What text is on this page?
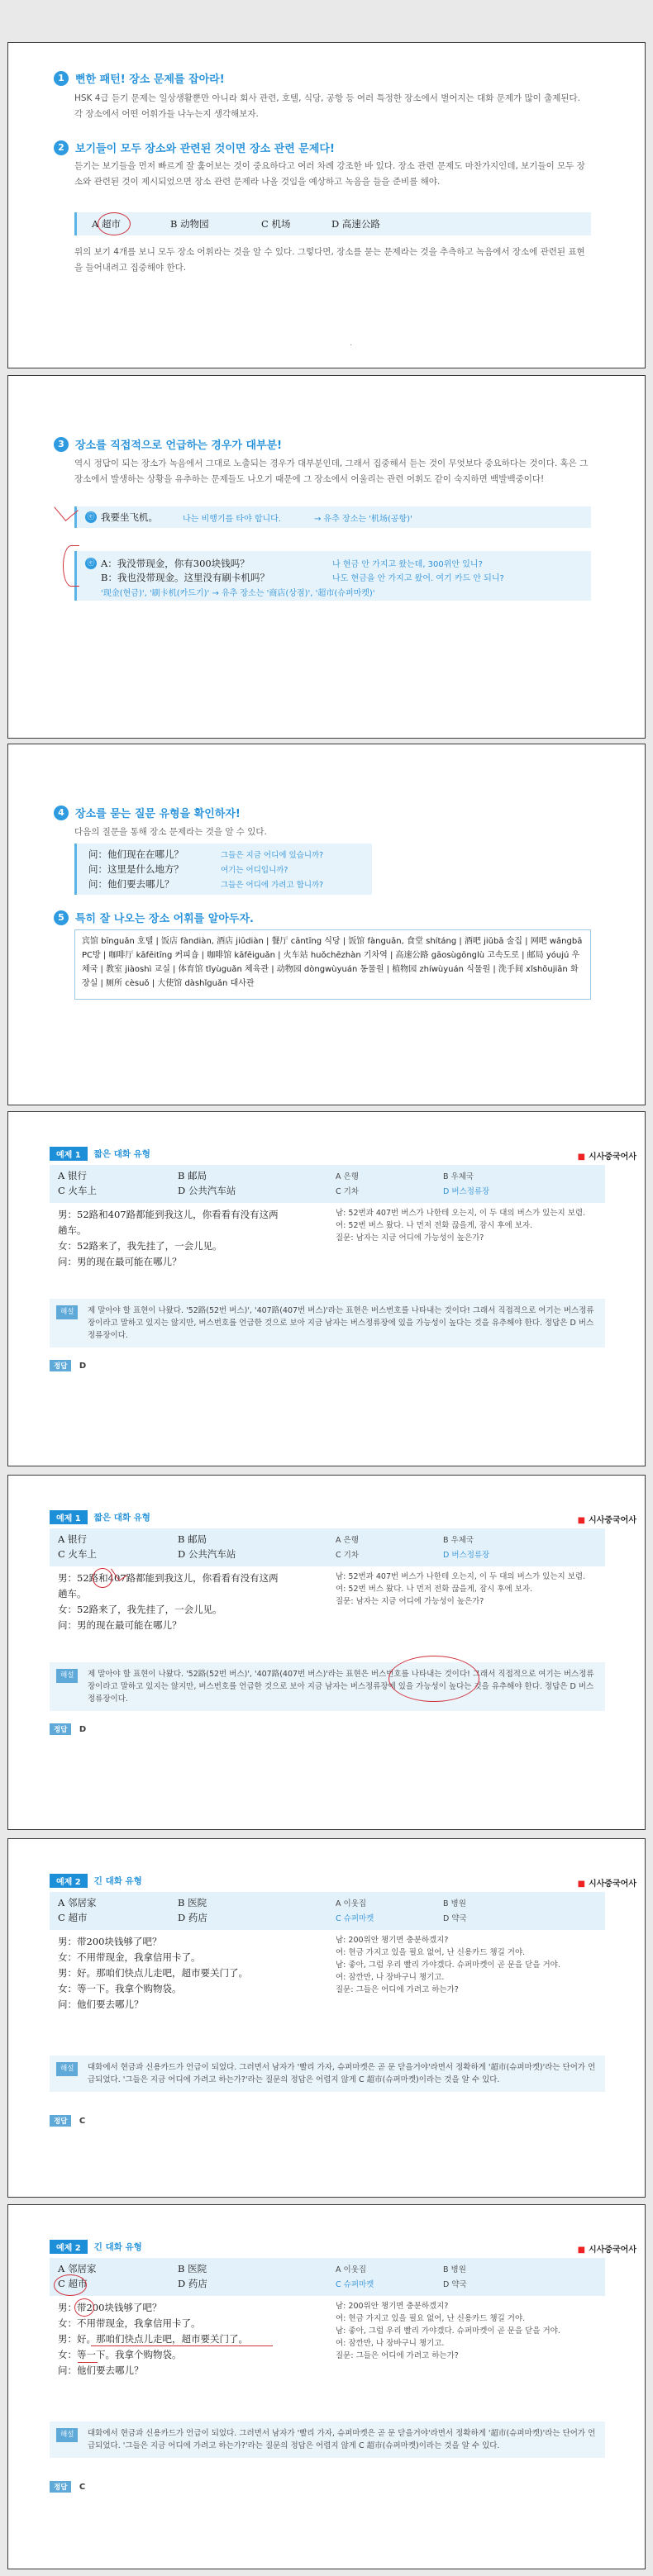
1	뻔한 패턴! 장소 문제를 잡아라!
HSK 4급 듣기 문제는 일상생활뿐만 아니라 회사 관련, 호텔, 식당, 공항 등 여러 특정한 장소에서 벌어지는 대화 문제가 많이 출제된다. 각 장소에서 어떤 어휘가들 나누는지 생각해보자.
2	보기들이 모두 장소와 관련된 것이면 장소 관련 문제다!
듣기는 보기들을 먼저 빠르게 잘 훑어보는 것이 중요하다고 여러 차례 강조한 바 있다. 장소 관련 문제도 마찬가지인데, 보기들이 모두 장소와 관련된 것이 제시되었으면 장소 관련 문제라 나올 것임을 예상하고 녹음을 들을 준비를 해야.
A 超市	B 动物园	C 机场	D 高速公路
위의 보기 4개를 보니 모두 장소 어휘라는 것을 알 수 있다. 그렇다면, 장소를 묻는 문제라는 것을 추측하고 녹음에서 장소에 관련된 표현을 들어내려고 집중해야 한다.
.
3	장소를 직접적으로 언급하는 경우가 대부분!
역시 정답이 되는 장소가 녹음에서 그대로 노출되는 경우가 대부분인데, 그래서 집중해서 듣는 것이 무엇보다 중요하다는 것이다. 혹은 그 장소에서 발생하는 상황을 유추하는 문제들도 나오기 때문에 그 장소에서 어울리는 관련 어휘도 같이 숙지하면 백발백중이다!
ⓔ 我要坐飞机。	나는 비행기를 타야 합니다.	→ 유추 장소는 '机场(공항)'
ⓔ A：我没带现金，你有300块钱吗？	나 현금 안 가지고 왔는데, 300위안 있니?
B：我也没带现金。这里没有刷卡机吗？	나도 현금을 안 가지고 왔어. 여기 카드 안 되니?
'现金(현금)', '刷卡机(카드기)' → 유추 장소는 '商店(상점)', '超市(슈퍼마켓)'
4	장소를 묻는 질문 유형을 확인하자!
다음의 질문을 통해 장소 문제라는 것을 알 수 있다.
问：他们现在在哪儿？	그들은 지금 어디에 있습니까?
问：这里是什么地方？	여기는 어디입니까?
问：他们要去哪儿？	그들은 어디에 가려고 합니까?
5	특히 잘 나오는 장소 어휘를 알아두자.
宾馆 bīnguǎn 호텔 | 饭店 fàndiàn, 酒店 jiǔdiàn | 餐厅 cāntīng 식당 | 饭馆 fànguǎn, 食堂 shítáng | 酒吧 jiǔbā 술집 | 网吧 wǎngbā PC방 | 咖啡厅 kāfēitīng 커피숍 | 咖啡馆 kāfēiguǎn | 火车站 huǒchēzhàn 기차역 | 高速公路 gāosùgōnglù 고속도로 | 邮局 yóujú 우체국 | 教室 jiàoshì 교실 | 体育馆 tǐyùguǎn 체육관 | 动物园 dòngwùyuán 동물원 | 植物园 zhíwùyuán 식물원 | 洗手间 xǐshǒujiān 화장실 | 厕所 cèsuǒ | 大使馆 dàshǐguǎn 대사관
예제 1	짧은 대화 유형	■ 시사중국어사
A 银行	B 邮局
C 火车上	D 公共汽车站
A 은행	B 우체국
C 기차	D 버스정류장
男：52路和407路都能到我这儿，你看看有没有这两趟车。
女：52路来了，我先挂了，一会儿见。
问：男的现在最可能在哪儿？
남: 52번과 407번 버스가 나한테 오는지, 이 두 대의 버스가 있는지 보렴.
여: 52번 버스 왔다. 나 먼저 전화 끊을게, 잠시 후에 보자.
질문: 남자는 지금 어디에 가능성이 높은가?
해설	제 말아야 할 표현이 나왔다. '52路(52번 버스)', '407路(407번 버스)'라는 표현은 버스번호를 나타내는 것이다! 그래서 직접적으로 여기는 버스정류장이라고 말하고 있지는 않지만, 버스번호를 언급한 것으로 보아 지금 남자는 버스정류장에 있을 가능성이 높다는 것을 유추해야 한다. 정답은 D 버스정류장이다.
정답 D
예제 1	짧은 대화 유형	■ 시사중국어사
A 银行	B 邮局
C 火车上	D 公共汽车站
A 은행	B 우체국
C 기차	D 버스정류장
男：52路和407路都能到我这儿，你看看有没有这两趟车。
女：52路来了，我先挂了，一会儿见。
问：男的现在最可能在哪儿？
남: 52번과 407번 버스가 나한테 오는지, 이 두 대의 버스가 있는지 보렴.
여: 52번 버스 왔다. 나 먼저 전화 끊을게, 잠시 후에 보자.
질문: 남자는 지금 어디에 가능성이 높은가?
해설	제 말아야 할 표현이 나왔다. '52路(52번 버스)', '407路(407번 버스)'라는 표현은 버스번호를 나타내는 것이다! 그래서 직접적으로 여기는 버스정류장이라고 말하고 있지는 않지만, 버스번호를 언급한 것으로 보아 지금 남자는 버스정류장에 있을 가능성이 높다는 것을 유추해야 한다. 정답은 D 버스정류장이다.
정답 D
예제 2	긴 대화 유형	■ 시사중국어사
A 邻居家	B 医院
C 超市	D 药店
A 이웃집	B 병원
C 슈퍼마켓	D 약국
男：带200块钱够了吧？
女：不用带现金，我拿信用卡了。
男：好。那咱们快点儿走吧，超市要关门了。
女：等一下。我拿个购物袋。
问：他们要去哪儿？
남: 200위안 챙기면 충분하겠지?
여: 현금 가지고 있을 필요 없어, 난 신용카드 챙길 거야.
남: 좋아, 그럼 우리 빨리 가야겠다. 슈퍼마켓이 곧 문을 닫을 거야.
여: 잠깐만, 나 장바구니 챙기고.
질문: 그들은 어디에 가려고 하는가?
해설	대화에서 현금과 신용카드가 언급이 되었다. 그러면서 남자가 '빨리 가자, 슈퍼마켓은 곧 문 닫을거야'라면서 정확하게 '超市(슈퍼마켓)'라는 단어가 언급되었다. '그들은 지금 어디에 가려고 하는가?'라는 질문의 정답은 어렵지 않게 C 超市(슈퍼마켓)이라는 것을 알 수 있다.
정답 C
예제 2	긴 대화 유형	■ 시사중국어사
A 邻居家	B 医院
C 超市	D 药店
A 이웃집	B 병원
C 슈퍼마켓	D 약국
男：带200块钱够了吧？
女：不用带现金，我拿信用卡了。
男：好。那咱们快点儿走吧，超市要关门了。
女：等一下。我拿个购物袋。
问：他们要去哪儿？
남: 200위안 챙기면 충분하겠지?
여: 현금 가지고 있을 필요 없어, 난 신용카드 챙길 거야.
남: 좋아, 그럼 우리 빨리 가야겠다. 슈퍼마켓이 곧 문을 닫을 거야.
여: 잠깐만, 나 장바구니 챙기고.
질문: 그들은 어디에 가려고 하는가?
해설	대화에서 현금과 신용카드가 언급이 되었다. 그러면서 남자가 '빨리 가자, 슈퍼마켓은 곧 문 닫을거야'라면서 정확하게 '超市(슈퍼마켓)'라는 단어가 언급되었다. '그들은 지금 어디에 가려고 하는가?'라는 질문의 정답은 어렵지 않게 C 超市(슈퍼마켓)이라는 것을 알 수 있다.
정답 C
